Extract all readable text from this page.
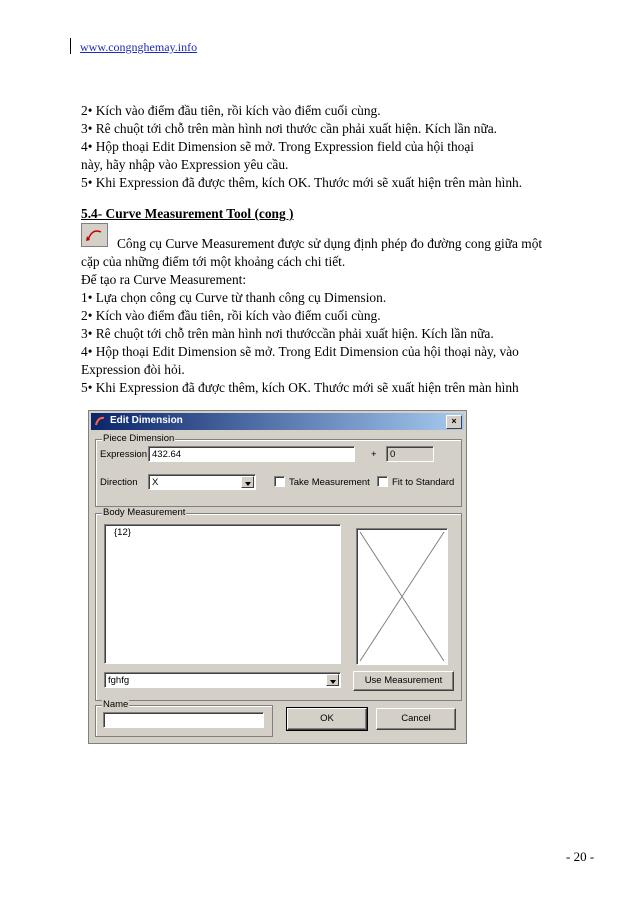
www.congnghemay.info
2• Kích vào điểm đầu tiên, rồi kích vào điểm cuối cùng.
3• Rê chuột tới chỗ trên màn hình nơi thước cần phải xuất hiện. Kích lần nữa.
4• Hộp thoại Edit Dimension sẽ mở. Trong Expression field của hội thoại
này, hãy nhập vào Expression yêu cầu.
5• Khi Expression đã được thêm, kích OK. Thước mới sẽ xuất hiện trên màn hình.
5.4- Curve Measurement Tool (cong )
Công cụ Curve Measurement được sử dụng định phép đo đường cong giữa một
cặp của những điểm tới một khoảng cách chi tiết.
Để tạo ra Curve Measurement:
1• Lựa chọn công cụ Curve từ thanh công cụ Dimension.
2• Kích vào điểm đầu tiên, rồi kích vào điểm cuối cùng.
3• Rê chuột tới chỗ trên màn hình nơi thướccần phải xuất hiện. Kích lần nữa.
4• Hộp thoại Edit Dimension sẽ mở. Trong Edit Dimension của hội thoại này, vào
Expression đòi hỏi.
5• Khi Expression đã được thêm, kích OK. Thước mới sẽ xuất hiện trên màn hình
Edit Dimension	×
Piece Dimension
Expression 432.64	+	0
Direction	X	Take Measurement Fit to Standard
Body Measurement
{12}
fghfg	Use Measurement
Name
OK	Cancel
- 20 -
